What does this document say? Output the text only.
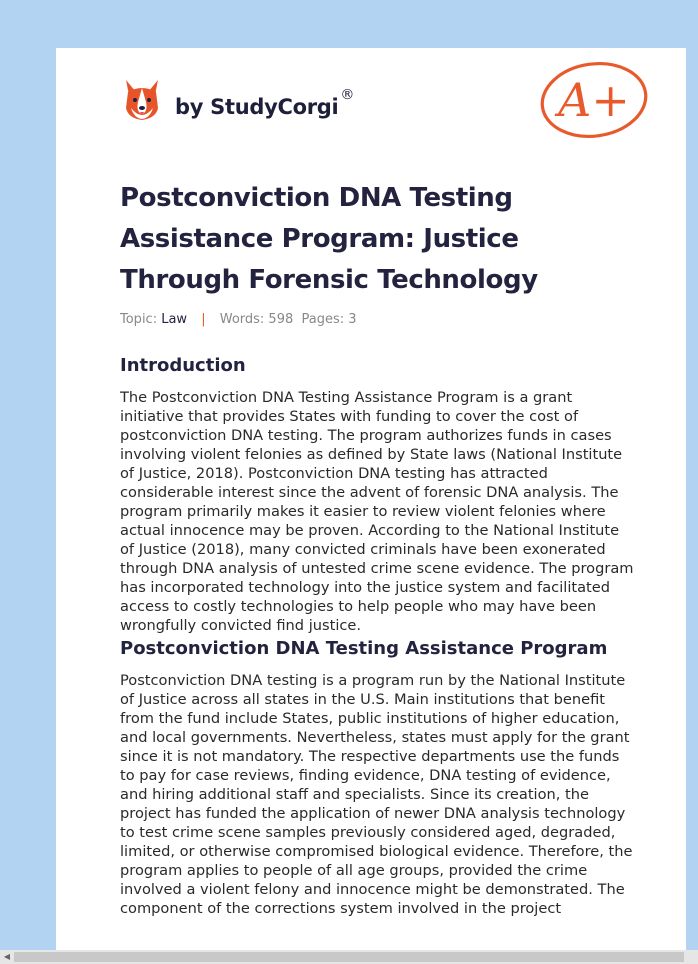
by StudyCorgi ®	A+
Postconviction DNA Testing Assistance Program: Justice Through Forensic Technology
Topic: Law | Words: 598 Pages: 3
Introduction

The Postconviction DNA Testing Assistance Program is a grant initiative that provides States with funding to cover the cost of postconviction DNA testing. The program authorizes funds in cases involving violent felonies as defined by State laws (National Institute of Justice, 2018). Postconviction DNA testing has attracted considerable interest since the advent of forensic DNA analysis. The program primarily makes it easier to review violent felonies where actual innocence may be proven. According to the National Institute of Justice (2018), many convicted criminals have been exonerated through DNA analysis of untested crime scene evidence. The program has incorporated technology into the justice system and facilitated access to costly technologies to help people who may have been wrongfully convicted find justice.

Postconviction DNA Testing Assistance Program

Postconviction DNA testing is a program run by the National Institute of Justice across all states in the U.S. Main institutions that benefit from the fund include States, public institutions of higher education, and local governments. Nevertheless, states must apply for the grant since it is not mandatory. The respective departments use the funds to pay for case reviews, finding evidence, DNA testing of evidence, and hiring additional staff and specialists. Since its creation, the project has funded the application of newer DNA analysis technology to test crime scene samples previously considered aged, degraded, limited, or otherwise compromised biological evidence. Therefore, the program applies to people of all age groups, provided the crime involved a violent felony and innocence might be demonstrated. The component of the corrections system involved in the project

◀
